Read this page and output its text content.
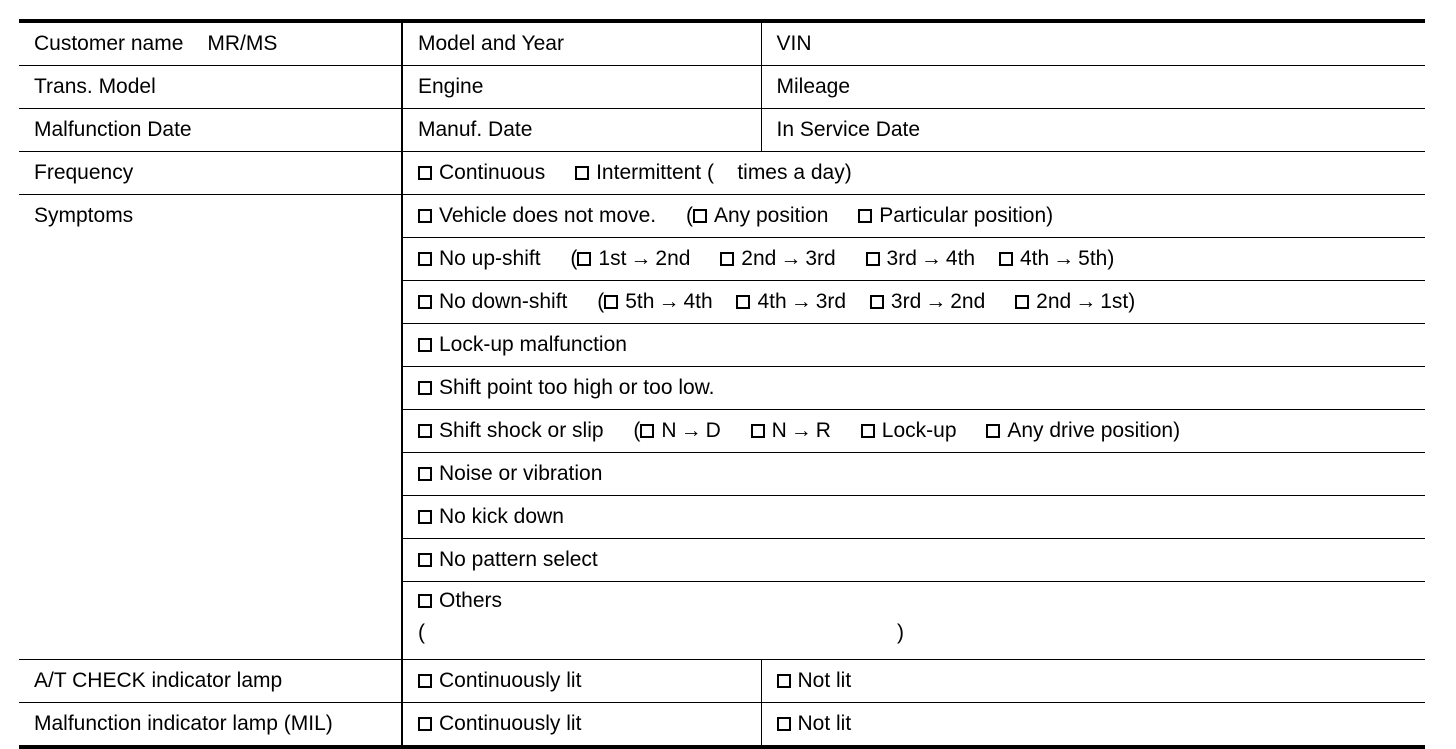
Customer name MR/MS	Model and Year	VIN
Trans. Model	Engine	Mileage
Malfunction Date	Manuf. Date	In Service Date
Frequency	Continuous Intermittent ( times a day)	
Symptoms	Vehicle does not move. ( Any position Particular position)	
	No up-shift ( 1st → 2nd 2nd → 3rd 3rd → 4th 4th → 5th)	
	No down-shift ( 5th → 4th 4th → 3rd 3rd → 2nd 2nd → 1st)	
	Lock-up malfunction	
	Shift point too high or too low.	
	Shift shock or slip ( N → D N → R Lock-up Any drive position)	
	Noise or vibration	
	No kick down	
	No pattern select	
	Others
( )	

A/T CHECK indicator lamp	Continuously lit	Not lit
Malfunction indicator lamp (MIL)	Continuously lit	Not lit
